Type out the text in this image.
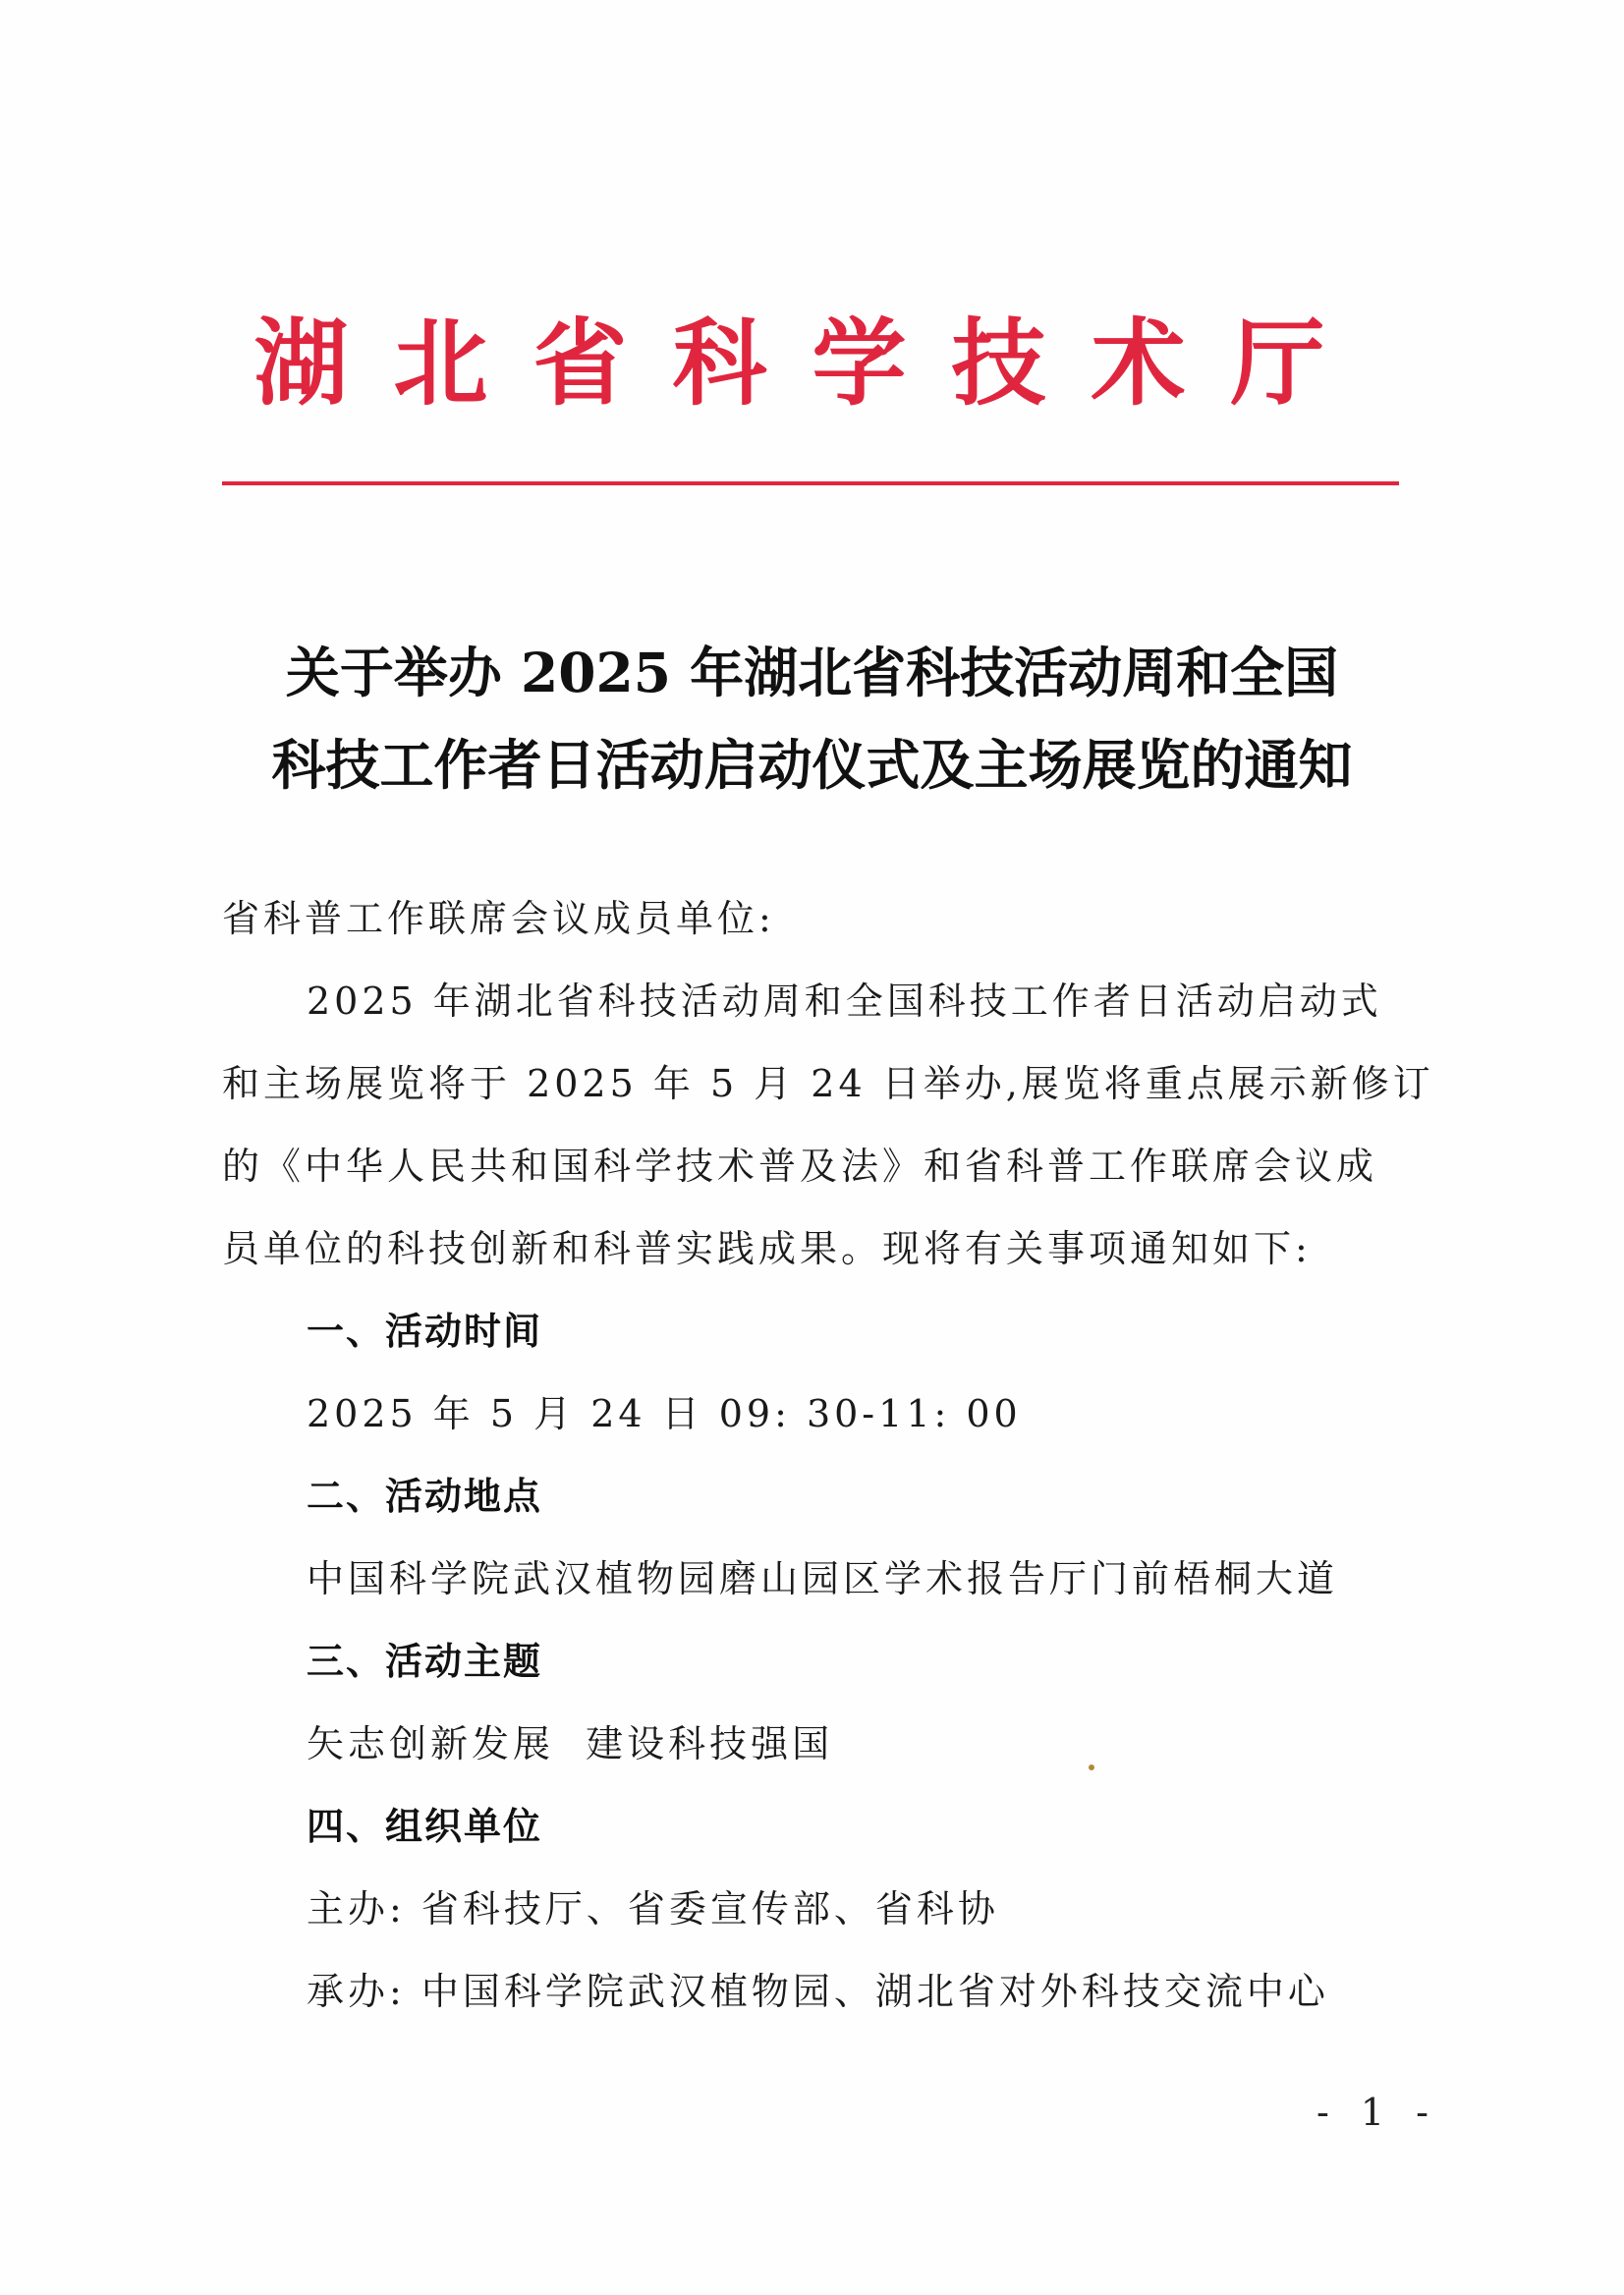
湖北省科学技术厅
关于举办 2025 年湖北省科技活动周和全国
科技工作者日活动启动仪式及主场展览的通知
省科普工作联席会议成员单位:
2025 年湖北省科技活动周和全国科技工作者日活动启动式
和主场展览将于 2025 年 5 月 24 日举办,展览将重点展示新修订
的《中华人民共和国科学技术普及法》和省科普工作联席会议成
员单位的科技创新和科普实践成果。现将有关事项通知如下:
一、活动时间
2025 年 5 月 24 日 09: 30-11: 00
二、活动地点
中国科学院武汉植物园磨山园区学术报告厅门前梧桐大道
三、活动主题
矢志创新发展  建设科技强国
四、组织单位
主办: 省科技厅、省委宣传部、省科协
承办: 中国科学院武汉植物园、湖北省对外科技交流中心
- 1 -
